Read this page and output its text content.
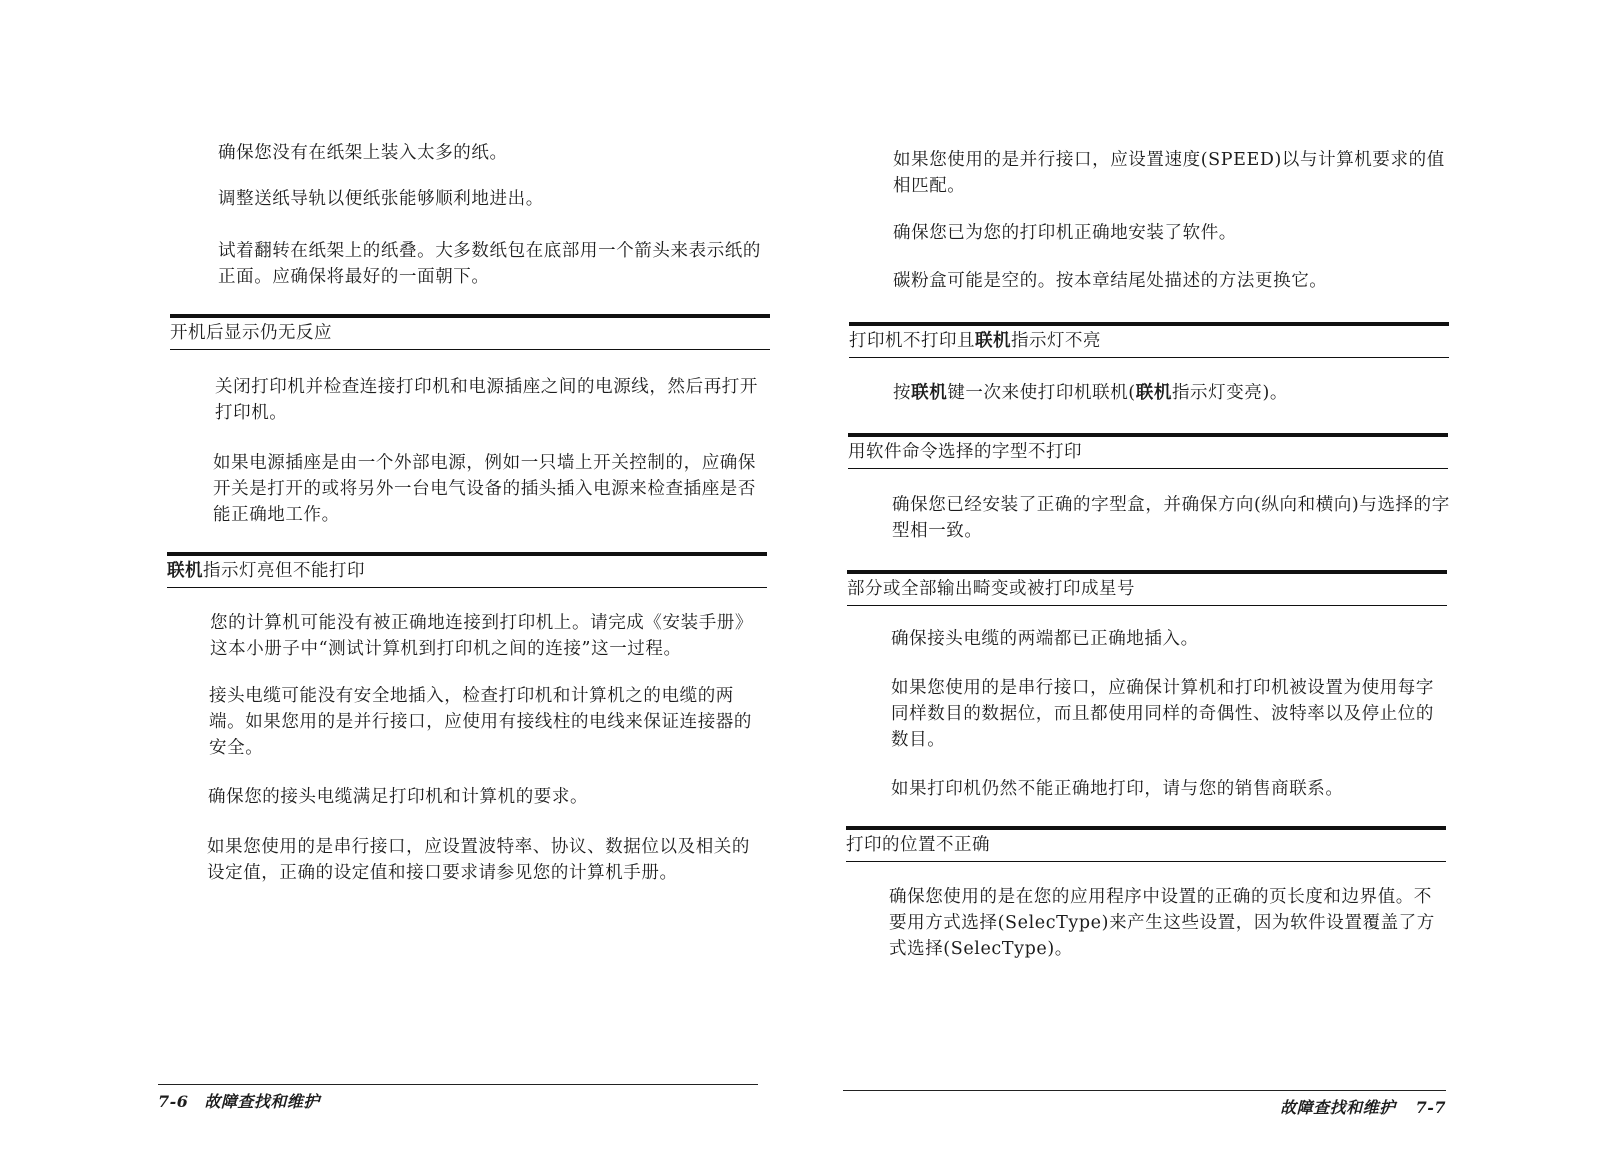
确保您没有在纸架上装入太多的纸。

调整送纸导轨以便纸张能够顺利地进出。

试着翻转在纸架上的纸叠。大多数纸包在底部用一个箭头来表示纸的正面。应确保将最好的一面朝下。

开机后显示仍无反应

关闭打印机并检查连接打印机和电源插座之间的电源线，然后再打开打印机。

如果电源插座是由一个外部电源，例如一只墙上开关控制的，应确保开关是打开的或将另外一台电气设备的插头插入电源来检查插座是否能正确地工作。

联机指示灯亮但不能打印

您的计算机可能没有被正确地连接到打印机上。请完成《安装手册》这本小册子中“测试计算机到打印机之间的连接”这一过程。

接头电缆可能没有安全地插入，检查打印机和计算机之的电缆的两端。如果您用的是并行接口，应使用有接线柱的电线来保证连接器的安全。

确保您的接头电缆满足打印机和计算机的要求。

如果您使用的是串行接口，应设置波特率、协议、数据位以及相关的设定值，正确的设定值和接口要求请参见您的计算机手册。

7-6 故障查找和维护

如果您使用的是并行接口，应设置速度(SPEED)以与计算机要求的值相匹配。

确保您已为您的打印机正确地安装了软件。

碳粉盒可能是空的。按本章结尾处描述的方法更换它。

打印机不打印且联机指示灯不亮

按联机键一次来使打印机联机(联机指示灯变亮)。

用软件命令选择的字型不打印

确保您已经安装了正确的字型盒，并确保方向(纵向和横向)与选择的字型相一致。

部分或全部输出畸变或被打印成星号

确保接头电缆的两端都已正确地插入。

如果您使用的是串行接口，应确保计算机和打印机被设置为使用每字同样数目的数据位，而且都使用同样的奇偶性、波特率以及停止位的数目。

如果打印机仍然不能正确地打印，请与您的销售商联系。

打印的位置不正确

确保您使用的是在您的应用程序中设置的正确的页长度和边界值。不要用方式选择(SelecType)来产生这些设置，因为软件设置覆盖了方式选择(SelecType)。

故障查找和维护 7-7
